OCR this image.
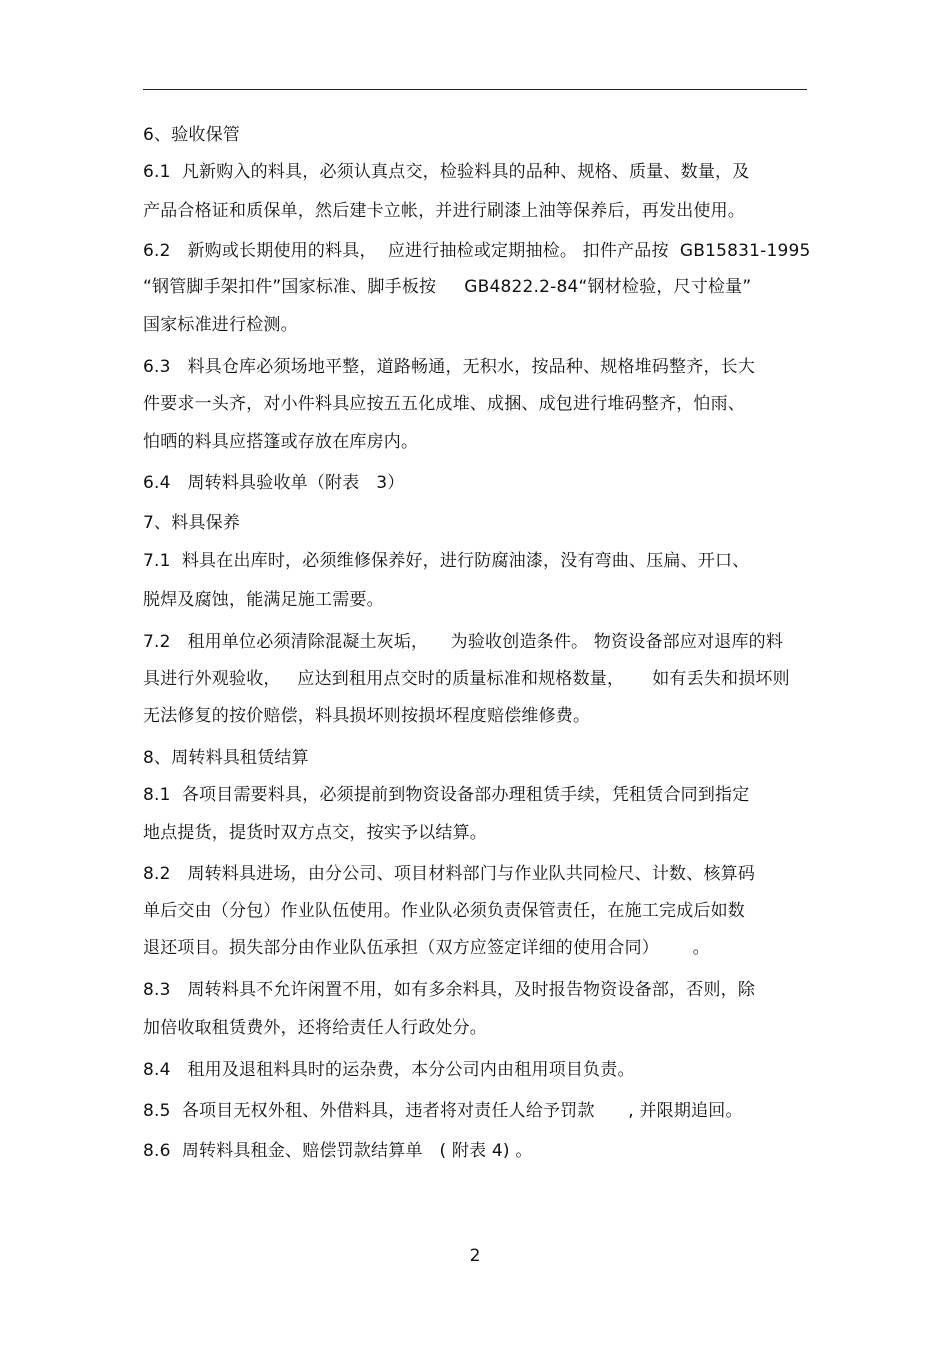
6、验收保管
6.1  凡新购入的料具，必须认真点交，检验料具的品种、规格、质量、数量，及
产品合格证和质保单，然后建卡立帐，并进行刷漆上油等保养后，再发出使用。
6.2   新购或长期使用的料具，  应进行抽检或定期抽检。 扣件产品按  GB15831-1995
“钢管脚手架扣件”国家标准、脚手板按     GB4822.2-84“钢材检验，尺寸检量”
国家标准进行检测。
6.3   料具仓库必须场地平整，道路畅通，无积水，按品种、规格堆码整齐，长大
件要求一头齐，对小件料具应按五五化成堆、成捆、成包进行堆码整齐，怕雨、
怕晒的料具应搭篷或存放在库房内。
6.4   周转料具验收单（附表   3）
7、料具保养
7.1  料具在出库时，必须维修保养好，进行防腐油漆，没有弯曲、压扁、开口、
脱焊及腐蚀，能满足施工需要。
7.2   租用单位必须清除混凝土灰垢，    为验收创造条件。 物资设备部应对退库的料
具进行外观验收，   应达到租用点交时的质量标准和规格数量，     如有丢失和损坏则
无法修复的按价赔偿，料具损坏则按损坏程度赔偿维修费。
8、周转料具租赁结算
8.1  各项目需要料具，必须提前到物资设备部办理租赁手续，凭租赁合同到指定
地点提货，提货时双方点交，按实予以结算。
8.2   周转料具进场，由分公司、项目材料部门与作业队共同检尺、计数、核算码
单后交由（分包）作业队伍使用。作业队必须负责保管责任，在施工完成后如数
退还项目。损失部分由作业队伍承担（双方应签定详细的使用合同）      。
8.3   周转料具不允许闲置不用，如有多余料具，及时报告物资设备部，否则，除
加倍收取租赁费外，还将给责任人行政处分。
8.4   租用及退租料具时的运杂费，本分公司内由租用项目负责。
8.5  各项目无权外租、外借料具，违者将对责任人给予罚款      , 并限期追回。
8.6  周转料具租金、赔偿罚款结算单   ( 附表 4) 。
2
